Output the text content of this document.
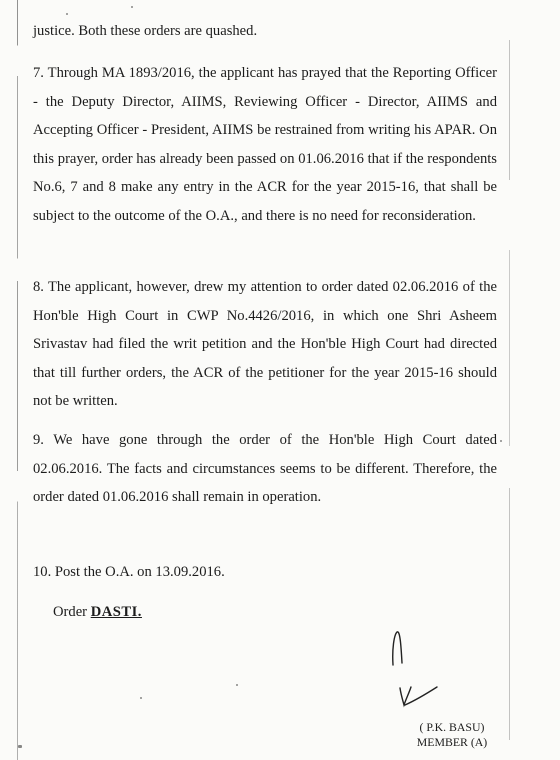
justice. Both these orders are quashed.

7. Through MA 1893/2016, the applicant has prayed that the Reporting Officer - the Deputy Director, AIIMS, Reviewing Officer - Director, AIIMS and Accepting Officer - President, AIIMS be restrained from writing his APAR. On this prayer, order has already been passed on 01.06.2016 that if the respondents No.6, 7 and 8 make any entry in the ACR for the year 2015-16, that shall be subject to the outcome of the O.A., and there is no need for reconsideration.

8. The applicant, however, drew my attention to order dated 02.06.2016 of the Hon'ble High Court in CWP No.4426/2016, in which one Shri Asheem Srivastav had filed the writ petition and the Hon'ble High Court had directed that till further orders, the ACR of the petitioner for the year 2015-16 should not be written.

9. We have gone through the order of the Hon'ble High Court dated 02.06.2016. The facts and circumstances seems to be different. Therefore, the order dated 01.06.2016 shall remain in operation.

10. Post the O.A. on 13.09.2016.

Order DASTI.

( P.K. BASU)
MEMBER (A)
